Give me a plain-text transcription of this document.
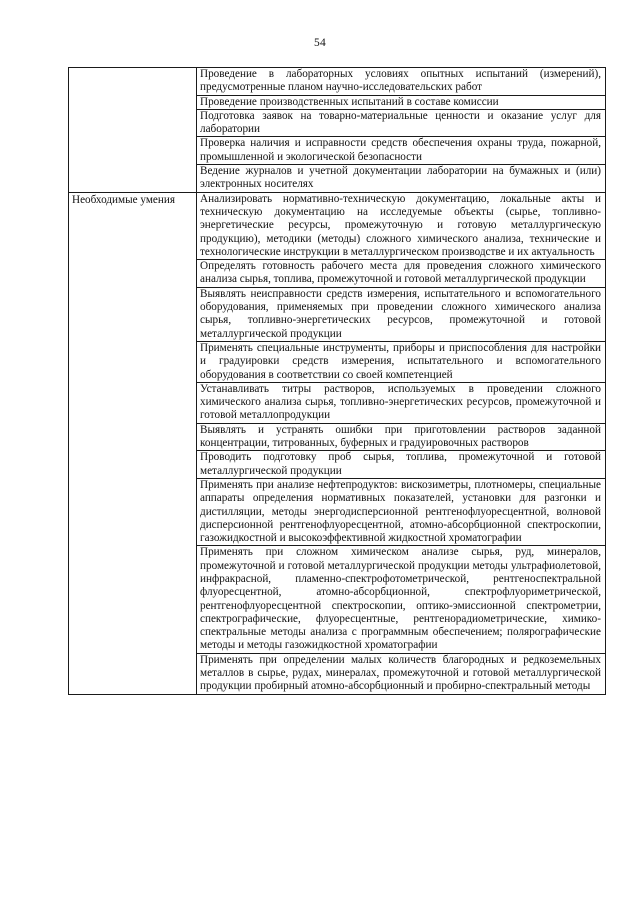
54
	Проведение в лабораторных условиях опытных испытаний (измерений), предусмотренные планом научно-исследовательских работ
	Проведение производственных испытаний в составе комиссии
	Подготовка заявок на товарно-материальные ценности и оказание услуг для лаборатории
	Проверка наличия и исправности средств обеспечения охраны труда, пожарной, промышленной и экологической безопасности
	Ведение журналов и учетной документации лаборатории на бумажных и (или) электронных носителях
Необходимые умения	Анализировать нормативно-техническую документацию, локальные акты и техническую документацию на исследуемые объекты (сырье, топливно-энергетические ресурсы, промежуточную и готовую металлургическую продукцию), методики (методы) сложного химического анализа, технические и технологические инструкции в металлургическом производстве и их актуальность
	Определять готовность рабочего места для проведения сложного химического анализа сырья, топлива, промежуточной и готовой металлургической продукции
	Выявлять неисправности средств измерения, испытательного и вспомогательного оборудования, применяемых при проведении сложного химического анализа сырья, топливно-энергетических ресурсов, промежуточной и готовой металлургической продукции
	Применять специальные инструменты, приборы и приспособления для настройки и градуировки средств измерения, испытательного и вспомогательного оборудования в соответствии со своей компетенцией
	Устанавливать титры растворов, используемых в проведении сложного химического анализа сырья, топливно-энергетических ресурсов, промежуточной и готовой металлопродукции
	Выявлять и устранять ошибки при приготовлении растворов заданной концентрации, титрованных, буферных и градуировочных растворов
	Проводить подготовку проб сырья, топлива, промежуточной и готовой металлургической продукции
	Применять при анализе нефтепродуктов: вискозиметры, плотномеры, специальные аппараты определения нормативных показателей, установки для разгонки и дистилляции, методы энергодисперсионной рентгенофлуоресцентной, волновой дисперсионной рентгенофлуоресцентной, атомно-абсорбционной спектроскопии, газожидкостной и высокоэффективной жидкостной хроматографии
	Применять при сложном химическом анализе сырья, руд, минералов, промежуточной и готовой металлургической продукции методы ультрафиолетовой, инфракрасной, пламенно-спектрофотометрической, рентгеноспектральной флуоресцентной, атомно-абсорбционной, спектрофлуориметрической, рентгенофлуоресцентной спектроскопии, оптико-эмиссионной спектрометрии, спектрографические, флуоресцентные, рентгенорадиометрические, химико-спектральные методы анализа с программным обеспечением; полярографические методы и методы газожидкостной хроматографии
	Применять при определении малых количеств благородных и редкоземельных металлов в сырье, рудах, минералах, промежуточной и готовой металлургической продукции пробирный атомно-абсорбционный и пробирно-спектральный методы
